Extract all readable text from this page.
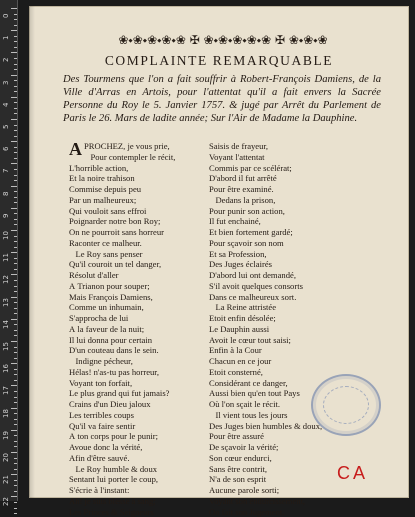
0
1
2
3
4
5
6
7
8
9
10
11
12
13
14
15
16
17
18
19
20
21
22
❀⬩❀⬩❀⬩❀⬩❀ ✠ ❀⬩❀⬩❀⬩❀⬩❀ ✠ ❀⬩❀⬩❀
COMPLAINTE REMARQUABLE
Des Tourmens que l'on a fait souffrir à Robert-François Damiens, de la Ville d'Arras en Artois, pour l'attentat qu'il a fait envers la Sacrée Personne du Roy le 5. Janvier 1757. & jugé par Arrêt du Parlement de Paris le 26. Mars de ladite année; Sur l'Air de Madame la Dauphine.
A PROCHEZ, je vous prie,
Pour contempler le récit,
L'horrible action,
Et la noire trahison
Commise depuis peu
Par un malheureux;
Qui vouloit sans effroi
Poignarder notre bon Roy;
On ne pourroit sans horreur
Raconter ce malheur.
Le Roy sans penser
Qu'il couroit un tel danger,
Résolut d'aller
A Trianon pour souper;
Mais François Damiens,
Comme un inhumain,
S'approcha de lui
A la faveur de la nuit;
Il lui donna pour certain
D'un couteau dans le sein.
Indigne pécheur,
Hélas! n'as-tu pas horreur,
Voyant ton forfait,
Le plus grand qui fut jamais?
Crains d'un Dieu jaloux
Les terribles coups
Qu'il va faire sentir
A ton corps pour le punir;
Avoue donc la vérité,
Afin d'être sauvé.
Le Roy humble & doux
Sentant lui porter le coup,
S'écrie à l'instant:
Ah! je suis blessé à sang;
Les Princes & Seigneurs
Saisis de frayeur,
Voyant l'attentat
Commis par ce scélérat;
D'abord il fut arrêté
Pour être examiné.
Dedans la prison,
Pour punir son action,
Il fut enchainé,
Et bien fortement gardé;
Pour sçavoir son nom
Et sa Profession,
Des Juges éclairés
D'abord lui ont demandé,
S'il avoit quelques consorts
Dans ce malheureux sort.
La Reine attristée
Etoit enfin désolée;
Le Dauphin aussi
Avoit le cœur tout saisi;
Enfin à la Cour
Chacun en ce jour
Etoit consterné,
Considérant ce danger,
Aussi bien qu'en tout Pays
Où l'on sçait le récit.
Il vient tous les jours
Des Juges bien humbles & doux,
Pour être assuré
De sçavoir la vérité;
Son cœur endurci,
Sans être contrit,
N'a de son esprit
Aucune parole sorti;
Voyant son endurcissement,
On fait son Jugement.
CA
